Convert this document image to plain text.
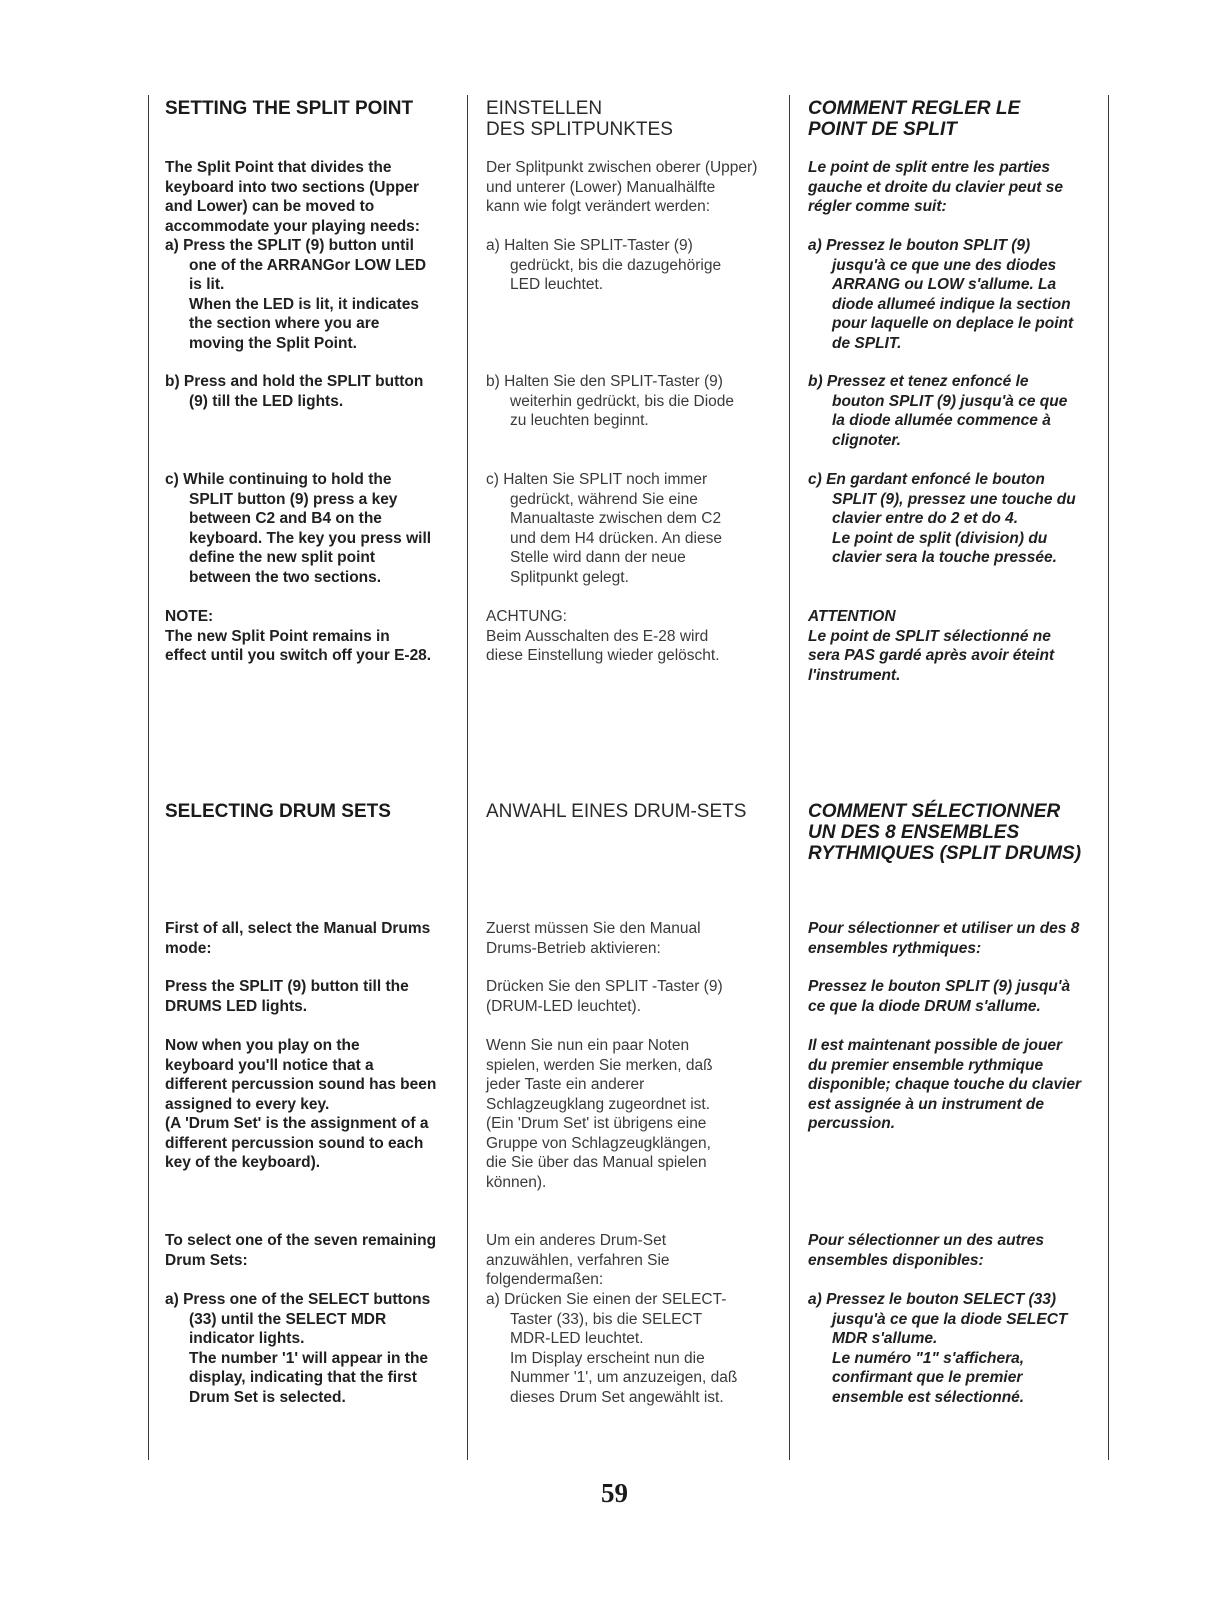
SETTING THE SPLIT POINT

The Split Point that divides the
keyboard into two sections (Upper
and Lower) can be moved to
accommodate your playing needs:

a) Press the SPLIT (9) button until
one of the ARRANGor LOW LED
is lit.
When the LED is lit, it indicates
the section where you are
moving the Split Point.

b) Press and hold the SPLIT button
(9) till the LED lights.

c) While continuing to hold the
SPLIT button (9) press a key
between C2 and B4 on the
keyboard. The key you press will
define the new split point
between the two sections.

NOTE:
The new Split Point remains in
effect until you switch off your E-28.

SELECTING DRUM SETS

First of all, select the Manual Drums
mode:

Press the SPLIT (9) button till the
DRUMS LED lights.

Now when you play on the
keyboard you'll notice that a
different percussion sound has been
assigned to every key.
(A 'Drum Set' is the assignment of a
different percussion sound to each
key of the keyboard).

To select one of the seven remaining
Drum Sets:

a) Press one of the SELECT buttons
(33) until the SELECT MDR
indicator lights.
The number '1' will appear in the
display, indicating that the first
Drum Set is selected.

EINSTELLEN
DES SPLITPUNKTES

Der Splitpunkt zwischen oberer (Upper)
und unterer (Lower) Manualhälfte
kann wie folgt verändert werden:

a) Halten Sie SPLIT-Taster (9)
gedrückt, bis die dazugehörige
LED leuchtet.

b) Halten Sie den SPLIT-Taster (9)
weiterhin gedrückt, bis die Diode
zu leuchten beginnt.

c) Halten Sie SPLIT noch immer
gedrückt, während Sie eine
Manualtaste zwischen dem C2
und dem H4 drücken. An diese
Stelle wird dann der neue
Splitpunkt gelegt.

ACHTUNG:
Beim Ausschalten des E-28 wird
diese Einstellung wieder gelöscht.

ANWAHL EINES DRUM-SETS

Zuerst müssen Sie den Manual
Drums-Betrieb aktivieren:

Drücken Sie den SPLIT -Taster (9)
(DRUM-LED leuchtet).

Wenn Sie nun ein paar Noten
spielen, werden Sie merken, daß
jeder Taste ein anderer
Schlagzeugklang zugeordnet ist.
(Ein 'Drum Set' ist übrigens eine
Gruppe von Schlagzeugklängen,
die Sie über das Manual spielen
können).

Um ein anderes Drum-Set
anzuwählen, verfahren Sie
folgendermaßen:

a) Drücken Sie einen der SELECT-
Taster (33), bis die SELECT
MDR-LED leuchtet.
Im Display erscheint nun die
Nummer '1', um anzuzeigen, daß
dieses Drum Set angewählt ist.

COMMENT REGLER LE
POINT DE SPLIT

Le point de split entre les parties
gauche et droite du clavier peut se
régler comme suit:

a) Pressez le bouton SPLIT (9)
jusqu'à ce que une des diodes
ARRANG ou LOW s'allume. La
diode allumeé indique la section
pour laquelle on deplace le point
de SPLIT.

b) Pressez et tenez enfoncé le
bouton SPLIT (9) jusqu'à ce que
la diode allumée commence à
clignoter.

c) En gardant enfoncé le bouton
SPLIT (9), pressez une touche du
clavier entre do 2 et do 4.
Le point de split (division) du
clavier sera la touche pressée.

ATTENTION
Le point de SPLIT sélectionné ne
sera PAS gardé après avoir éteint
l'instrument.

COMMENT SÉLECTIONNER
UN DES 8 ENSEMBLES
RYTHMIQUES (SPLIT DRUMS)

Pour sélectionner et utiliser un des 8
ensembles rythmiques:

Pressez le bouton SPLIT (9) jusqu'à
ce que la diode DRUM s'allume.

Il est maintenant possible de jouer
du premier ensemble rythmique
disponible; chaque touche du clavier
est assignée à un instrument de
percussion.

Pour sélectionner un des autres
ensembles disponibles:

a) Pressez le bouton SELECT (33)
jusqu'à ce que la diode SELECT
MDR s'allume.
Le numéro "1" s'affichera,
confirmant que le premier
ensemble est sélectionné.

59
